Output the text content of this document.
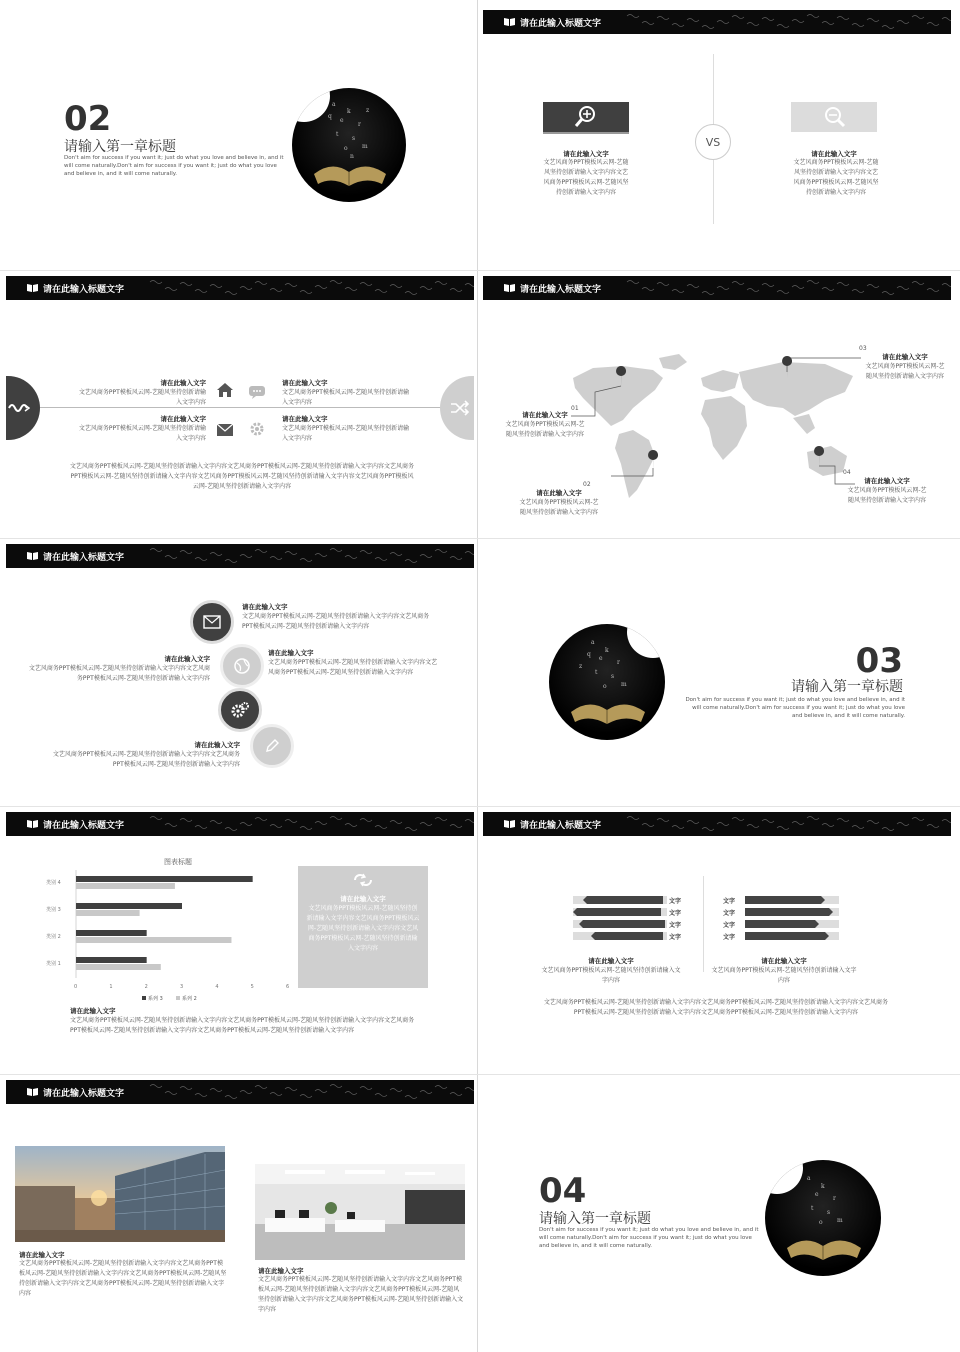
02
请输入第一章标题
Don't aim for success if you want it; just do what you love and believe in, and it will come naturally.Don't aim for success if you want it; just do what you love and believe in, and it will come naturally.
a
k
e
r
t
s
o m
q
z
n
请在此输入标题文字
VS
请在此输入文字
文艺风商务PPT模板风云网-艺随风坚持创新请输入文字内容文艺风商务PPT模板风云网-艺随风坚持创新请输入文字内容
请在此输入文字
文艺风商务PPT模板风云网-艺随风坚持创新请输入文字内容文艺风商务PPT模板风云网-艺随风坚持创新请输入文字内容
请在此输入标题文字
请在此输入文字
文艺风商务PPT模板风云网-艺随风坚持创新请输入文字内容
请在此输入文字
文艺风商务PPT模板风云网-艺随风坚持创新请输入文字内容
请在此输入文字
文艺风商务PPT模板风云网-艺随风坚持创新请输入文字内容
请在此输入文字
文艺风商务PPT模板风云网-艺随风坚持创新请输入文字内容
文艺风商务PPT模板风云网-艺随风坚持创新请输入文字内容文艺风商务PPT模板风云网-艺随风坚持创新请输入文字内容文艺风商务PPT模板风云网-艺随风坚持创新请输入文字内容文艺风商务PPT模板风云网-艺随风坚持创新请输入文字内容文艺风商务PPT模板风云网-艺随风坚持创新请输入文字内容
请在此输入标题文字
01
请在此输入文字
文艺风商务PPT模板风云网-艺随风坚持创新请输入文字内容
02
请在此输入文字
文艺风商务PPT模板风云网-艺随风坚持创新请输入文字内容
03
请在此输入文字
文艺风商务PPT模板风云网-艺随风坚持创新请输入文字内容
04
请在此输入文字
文艺风商务PPT模板风云网-艺随风坚持创新请输入文字内容
请在此输入标题文字
请在此输入文字
文艺风商务PPT模板风云网-艺随风坚持创新请输入文字内容文艺风商务PPT模板风云网-艺随风坚持创新请输入文字内容
请在此输入文字
文艺风商务PPT模板风云网-艺随风坚持创新请输入文字内容文艺风商务PPT模板风云网-艺随风坚持创新请输入文字内容
请在此输入文字
文艺风商务PPT模板风云网-艺随风坚持创新请输入文字内容文艺风商务PPT模板风云网-艺随风坚持创新请输入文字内容
请在此输入文字
文艺风商务PPT模板风云网-艺随风坚持创新请输入文字内容文艺风商务PPT模板风云网-艺随风坚持创新请输入文字内容
a
k
e
r
t
s
o m
q
z	03
请输入第一章标题
Don't aim for success if you want it; just do what you love and believe in, and it will come naturally.Don't aim for success if you want it; just do what you love and believe in, and it will come naturally.
请在此输入标题文字
图表标题
0	1	2	3	4	5	6
类别 1
类别 2
类别 3
类别 4
系列 3	系列 2
请在此输入文字
文艺风商务PPT模板风云网-艺随风坚持创新请输入文字内容文艺风商务PPT模板风云网-艺随风坚持创新请输入文字内容文艺风商务PPT模板风云网-艺随风坚持创新请输入文字内容
请在此输入文字
文艺风商务PPT模板风云网-艺随风坚持创新请输入文字内容文艺风商务PPT模板风云网-艺随风坚持创新请输入文字内容文艺风商务PPT模板风云网-艺随风坚持创新请输入文字内容文艺风商务PPT模板风云网-艺随风坚持创新请输入文字内容
请在此输入标题文字
文字
文字
文字
文字
文字
文字
文字
文字
请在此输入文字
文艺风商务PPT模板风云网-艺随风坚持创新请输入文字内容
请在此输入文字
文艺风商务PPT模板风云网-艺随风坚持创新请输入文字内容
文艺风商务PPT模板风云网-艺随风坚持创新请输入文字内容文艺风商务PPT模板风云网-艺随风坚持创新请输入文字内容文艺风商务PPT模板风云网-艺随风坚持创新请输入文字内容文艺风商务PPT模板风云网-艺随风坚持创新请输入文字内容
请在此输入标题文字
请在此输入文字
文艺风商务PPT模板风云网-艺随风坚持创新请输入文字内容文艺风商务PPT模板风云网-艺随风坚持创新请输入文字内容文艺风商务PPT模板风云网-艺随风坚持创新请输入文字内容文艺风商务PPT模板风云网-艺随风坚持创新请输入文字内容
请在此输入文字
文艺风商务PPT模板风云网-艺随风坚持创新请输入文字内容文艺风商务PPT模板风云网-艺随风坚持创新请输入文字内容文艺风商务PPT模板风云网-艺随风坚持创新请输入文字内容文艺风商务PPT模板风云网-艺随风坚持创新请输入文字内容
04
请输入第一章标题
Don't aim for success if you want it; just do what you love and believe in, and it will come naturally.Don't aim for success if you want it; just do what you love and believe in, and it will come naturally.
a
k
e
r
t
s
o m
